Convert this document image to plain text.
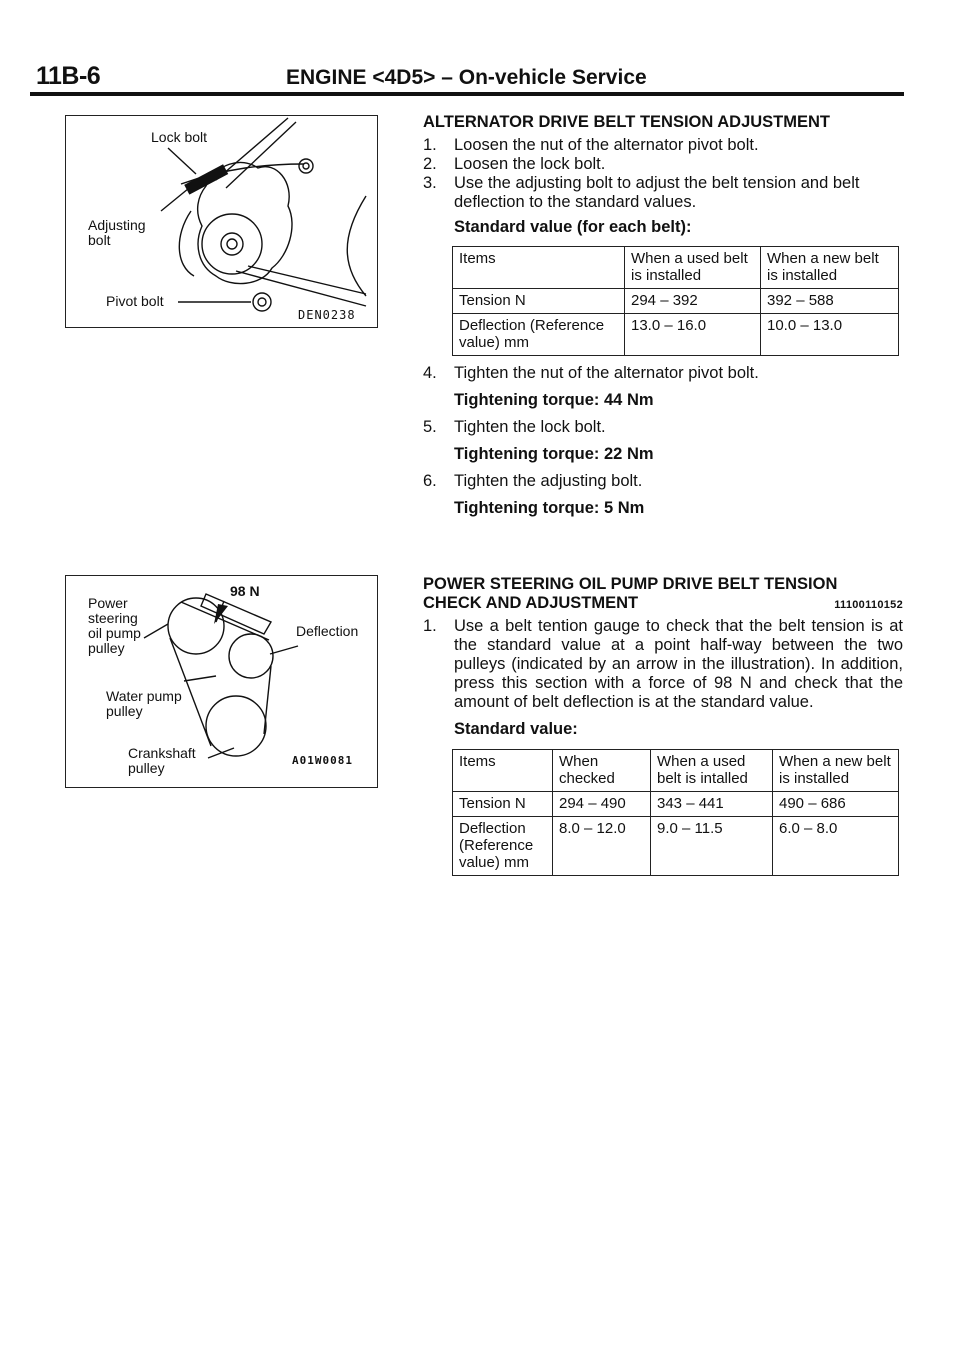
11B-6	ENGINE <4D5> – On-vehicle Service
Lock bolt
Adjusting
bolt
Pivot bolt
DEN0238
98 N
Power
steering
oil pump
pulley
Deflection
Water pump
pulley
Crankshaft
pulley	A01W0081
ALTERNATOR DRIVE BELT TENSION ADJUSTMENT
1.	Loosen the nut of the alternator pivot bolt.
2.	Loosen the lock bolt.
3.	Use the adjusting bolt to adjust the belt tension and belt deflection to the standard values.
Standard value (for each belt):
Items	When a used belt is installed	When a new belt is installed
Tension N	294 – 392	392 – 588
Deflection (Reference value) mm	13.0 – 16.0	10.0 – 13.0
4.	Tighten the nut of the alternator pivot bolt.
Tightening torque: 44 Nm
5.	Tighten the lock bolt.
Tightening torque: 22 Nm
6.	Tighten the adjusting bolt.
Tightening torque: 5 Nm
POWER STEERING OIL PUMP DRIVE BELT TENSION
CHECK AND ADJUSTMENT	11100110152
1.	Use a belt tention gauge to check that the belt tension is at the standard value at a point half-way between the two pulleys (indicated by an arrow in the illustration). In addition, press this section with a force of 98 N and check that the amount of belt deflection is at the standard value.
Standard value:
Items	When checked	When a used belt is intalled	When a new belt is installed
Tension N	294 – 490	343 – 441	490 – 686
Deflection (Reference value) mm	8.0 – 12.0	9.0 – 11.5	6.0 – 8.0
